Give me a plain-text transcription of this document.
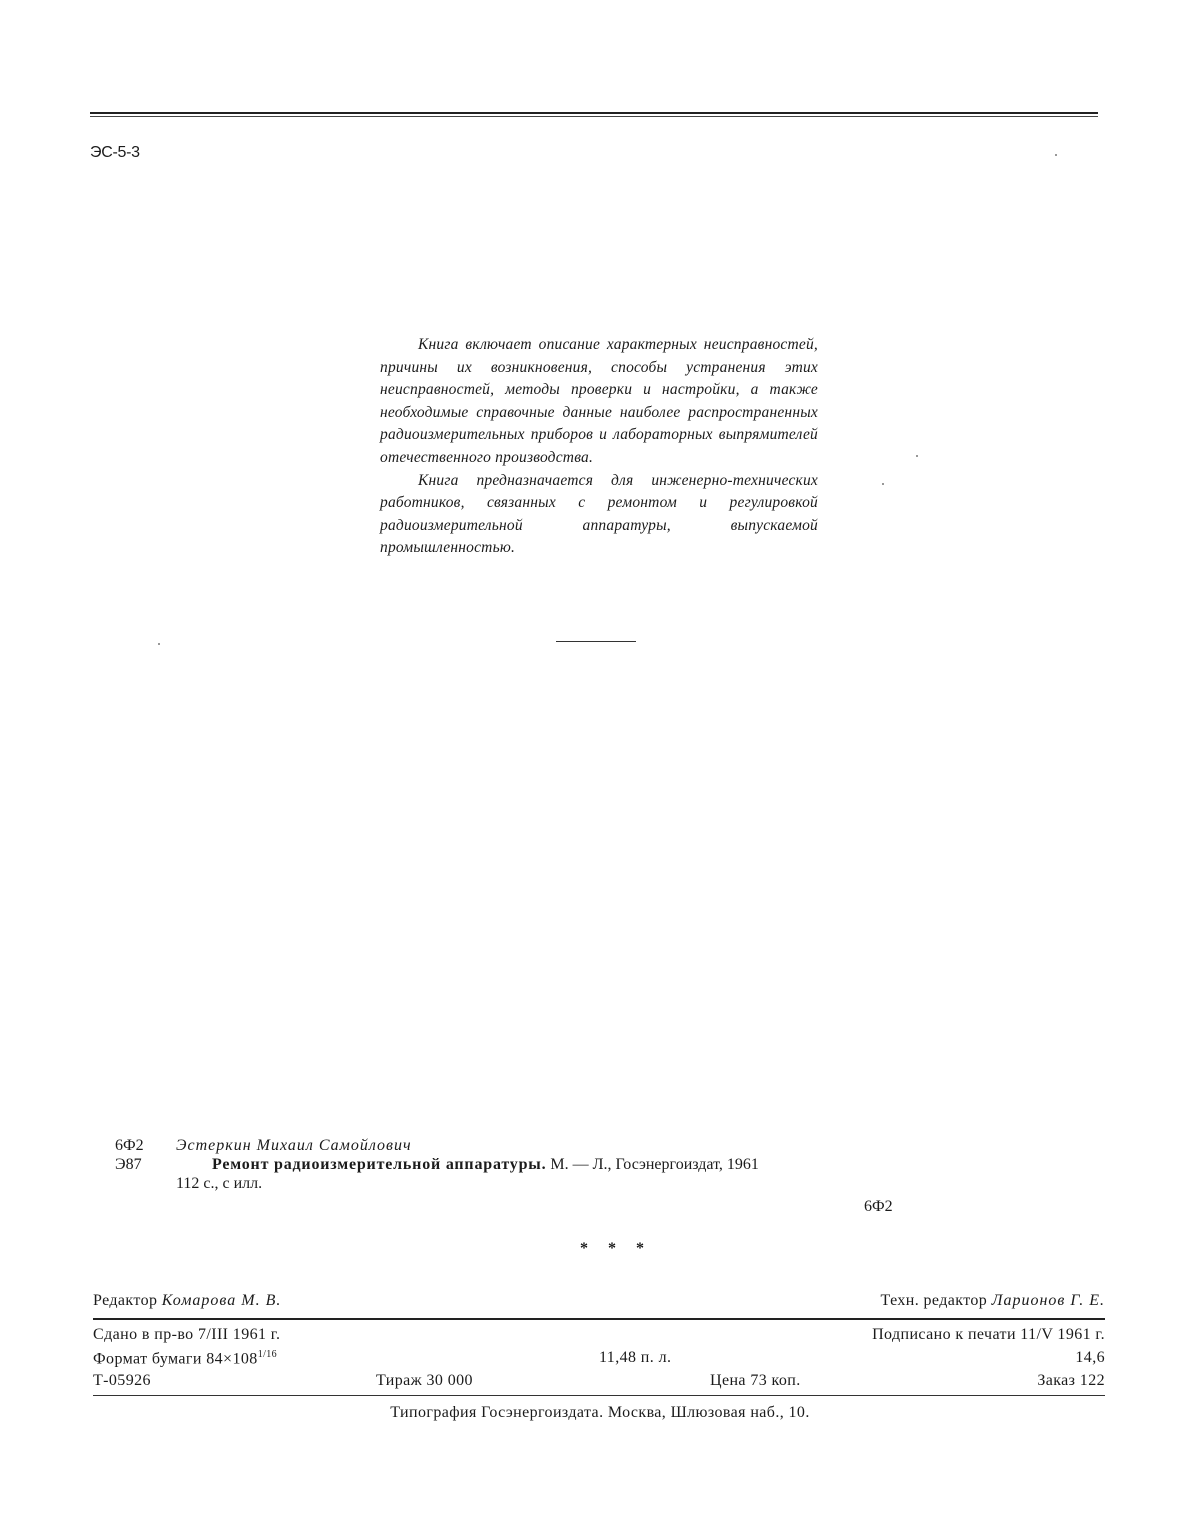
ЭС-5-3

Книга включает описание характерных неисправностей, причины их возникновения, способы устранения этих неисправностей, методы проверки и настройки, а также необходимые справочные данные наиболее распространенных радиоизмерительных приборов и лабораторных выпрямителей отечественного производства.

Книга предназначается для инженерно-технических работников, связанных с ремонтом и регулировкой радиоизмерительной аппаратуры, выпускаемой промышленностью.

6Ф2	Эстеркин Михаил Самойлович
Э87	Ремонт радиоизмерительной аппаратуры. М. — Л., Госэнергоиздат, 1961
112 с., с илл.
6Ф2
* * *
Редактор Комарова М. В.	Техн. редактор Ларионов Г. Е.
Сдано в пр-во 7/III 1961 г.	Подписано к печати 11/V 1961 г.
Формат бумаги $84\times 108^{1/16}$	11,48 п. л.	14,6
Т-05926	Тираж 30 000	Цена 73 коп.	Заказ 122
Типография Госэнергоиздата. Москва, Шлюзовая наб., 10.
